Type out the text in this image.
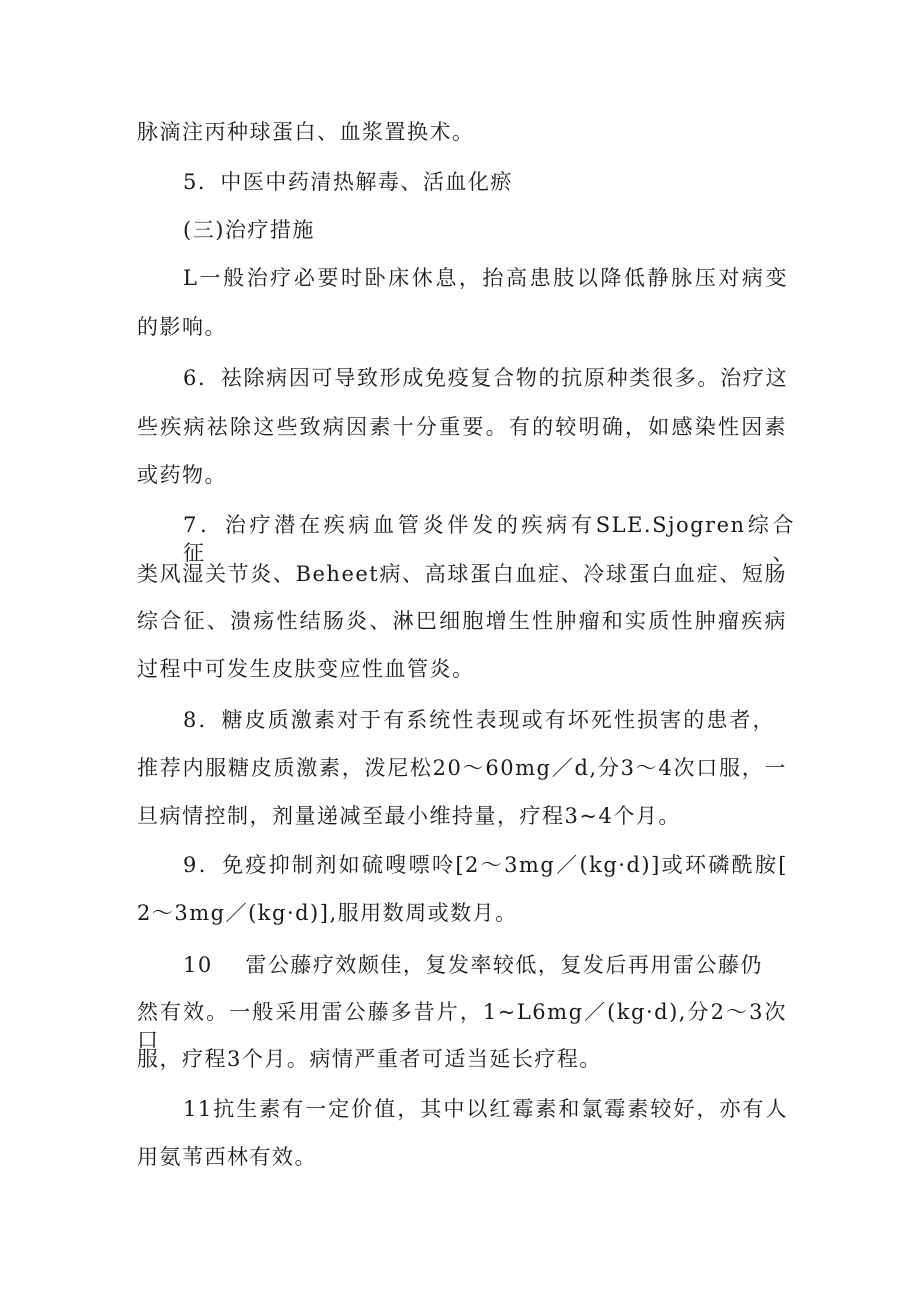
脉滴注丙种球蛋白、血浆置换术。
5．中医中药清热解毒、活血化瘀
(三)治疗措施
L一般治疗必要时卧床休息，抬高患肢以降低静脉压对病变
的影响。
6．祛除病因可导致形成免疫复合物的抗原种类很多。治疗这
些疾病祛除这些致病因素十分重要。有的较明确，如感染性因素
或药物。
7．治疗潜在疾病血管炎伴发的疾病有SLE.Sjogren综合征、
类风湿关节炎、Beheet病、高球蛋白血症、冷球蛋白血症、短肠
综合征、溃疡性结肠炎、淋巴细胞增生性肿瘤和实质性肿瘤疾病
过程中可发生皮肤变应性血管炎。
8．糖皮质激素对于有系统性表现或有坏死性损害的患者，
推荐内服糖皮质激素，泼尼松20～60mg／d,分3～4次口服，一
旦病情控制，剂量递减至最小维持量，疗程3~4个月。
9．免疫抑制剂如硫嗖嘌呤[2～3mg／(kg·d)]或环磷酰胺[
2～3mg／(kg·d)],服用数周或数月。
10    雷公藤疗效颇佳，复发率较低，复发后再用雷公藤仍
然有效。一般采用雷公藤多昔片，1~L6mg／(kg·d),分2～3次口
服，疗程3个月。病情严重者可适当延长疗程。
11抗生素有一定价值，其中以红霉素和氯霉素较好，亦有人
用氨苇西林有效。
